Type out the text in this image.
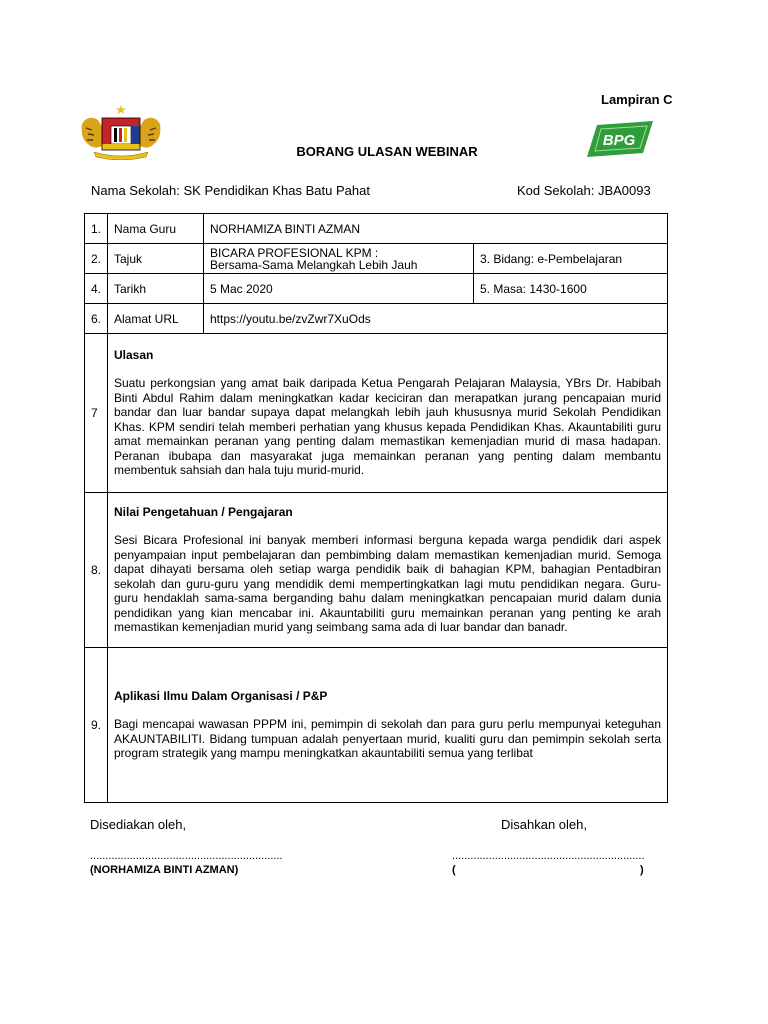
Lampiran C
BPG
BORANG ULASAN WEBINAR
Nama Sekolah: SK Pendidikan Khas Batu Pahat	Kod Sekolah: JBA0093
1.	Nama Guru	NORHAMIZA BINTI AZMAN	
2.	Tajuk	BICARA PROFESIONAL KPM :
Bersama-Sama Melangkah Lebih Jauh	3. Bidang: e-Pembelajaran
4.	Tarikh	5 Mac 2020	5. Masa: 1430-1600
6.	Alamat URL	https://youtu.be/zvZwr7XuOds	
7	Ulasan
Suatu perkongsian yang amat baik daripada Ketua Pengarah Pelajaran Malaysia, YBrs Dr. Habibah Binti Abdul Rahim dalam meningkatkan kadar keciciran dan merapatkan jurang pencapaian murid bandar dan luar bandar supaya dapat melangkah lebih jauh khususnya murid Sekolah Pendidikan Khas. KPM sendiri telah memberi perhatian yang khusus kepada Pendidikan Khas. Akauntabiliti guru amat memainkan peranan yang penting dalam memastikan kemenjadian murid di masa hadapan. Peranan ibubapa dan masyarakat juga memainkan peranan yang penting dalam membantu membentuk sahsiah dan hala tuju murid-murid.		

8.	Nilai Pengetahuan / Pengajaran
Sesi Bicara Profesional ini banyak memberi informasi berguna kepada warga pendidik dari aspek penyampaian input pembelajaran dan pembimbing dalam memastikan kemenjadian murid. Semoga dapat dihayati bersama oleh setiap warga pendidik baik di bahagian KPM, bahagian Pentadbiran sekolah dan guru-guru yang mendidik demi mempertingkatkan lagi mutu pendidikan negara. Guru-guru hendaklah sama-sama berganding bahu dalam meningkatkan pencapaian murid dalam dunia pendidikan yang kian mencabar ini. Akauntabiliti guru memainkan peranan yang penting ke arah memastikan kemenjadian murid yang seimbang sama ada di luar bandar dan banadr.		

9.	Aplikasi Ilmu Dalam Organisasi / P&P
Bagi mencapai wawasan PPPM ini, pemimpin di sekolah dan para guru perlu mempunyai keteguhan AKAUNTABILITI. Bidang tumpuan adalah penyertaan murid, kualiti guru dan pemimpin sekolah serta program strategik yang mampu meningkatkan akauntabiliti semua yang terlibat		
Disediakan oleh,	Disahkan oleh,
...............................................................	...............................................................
(NORHAMIZA BINTI AZMAN)	(	)
